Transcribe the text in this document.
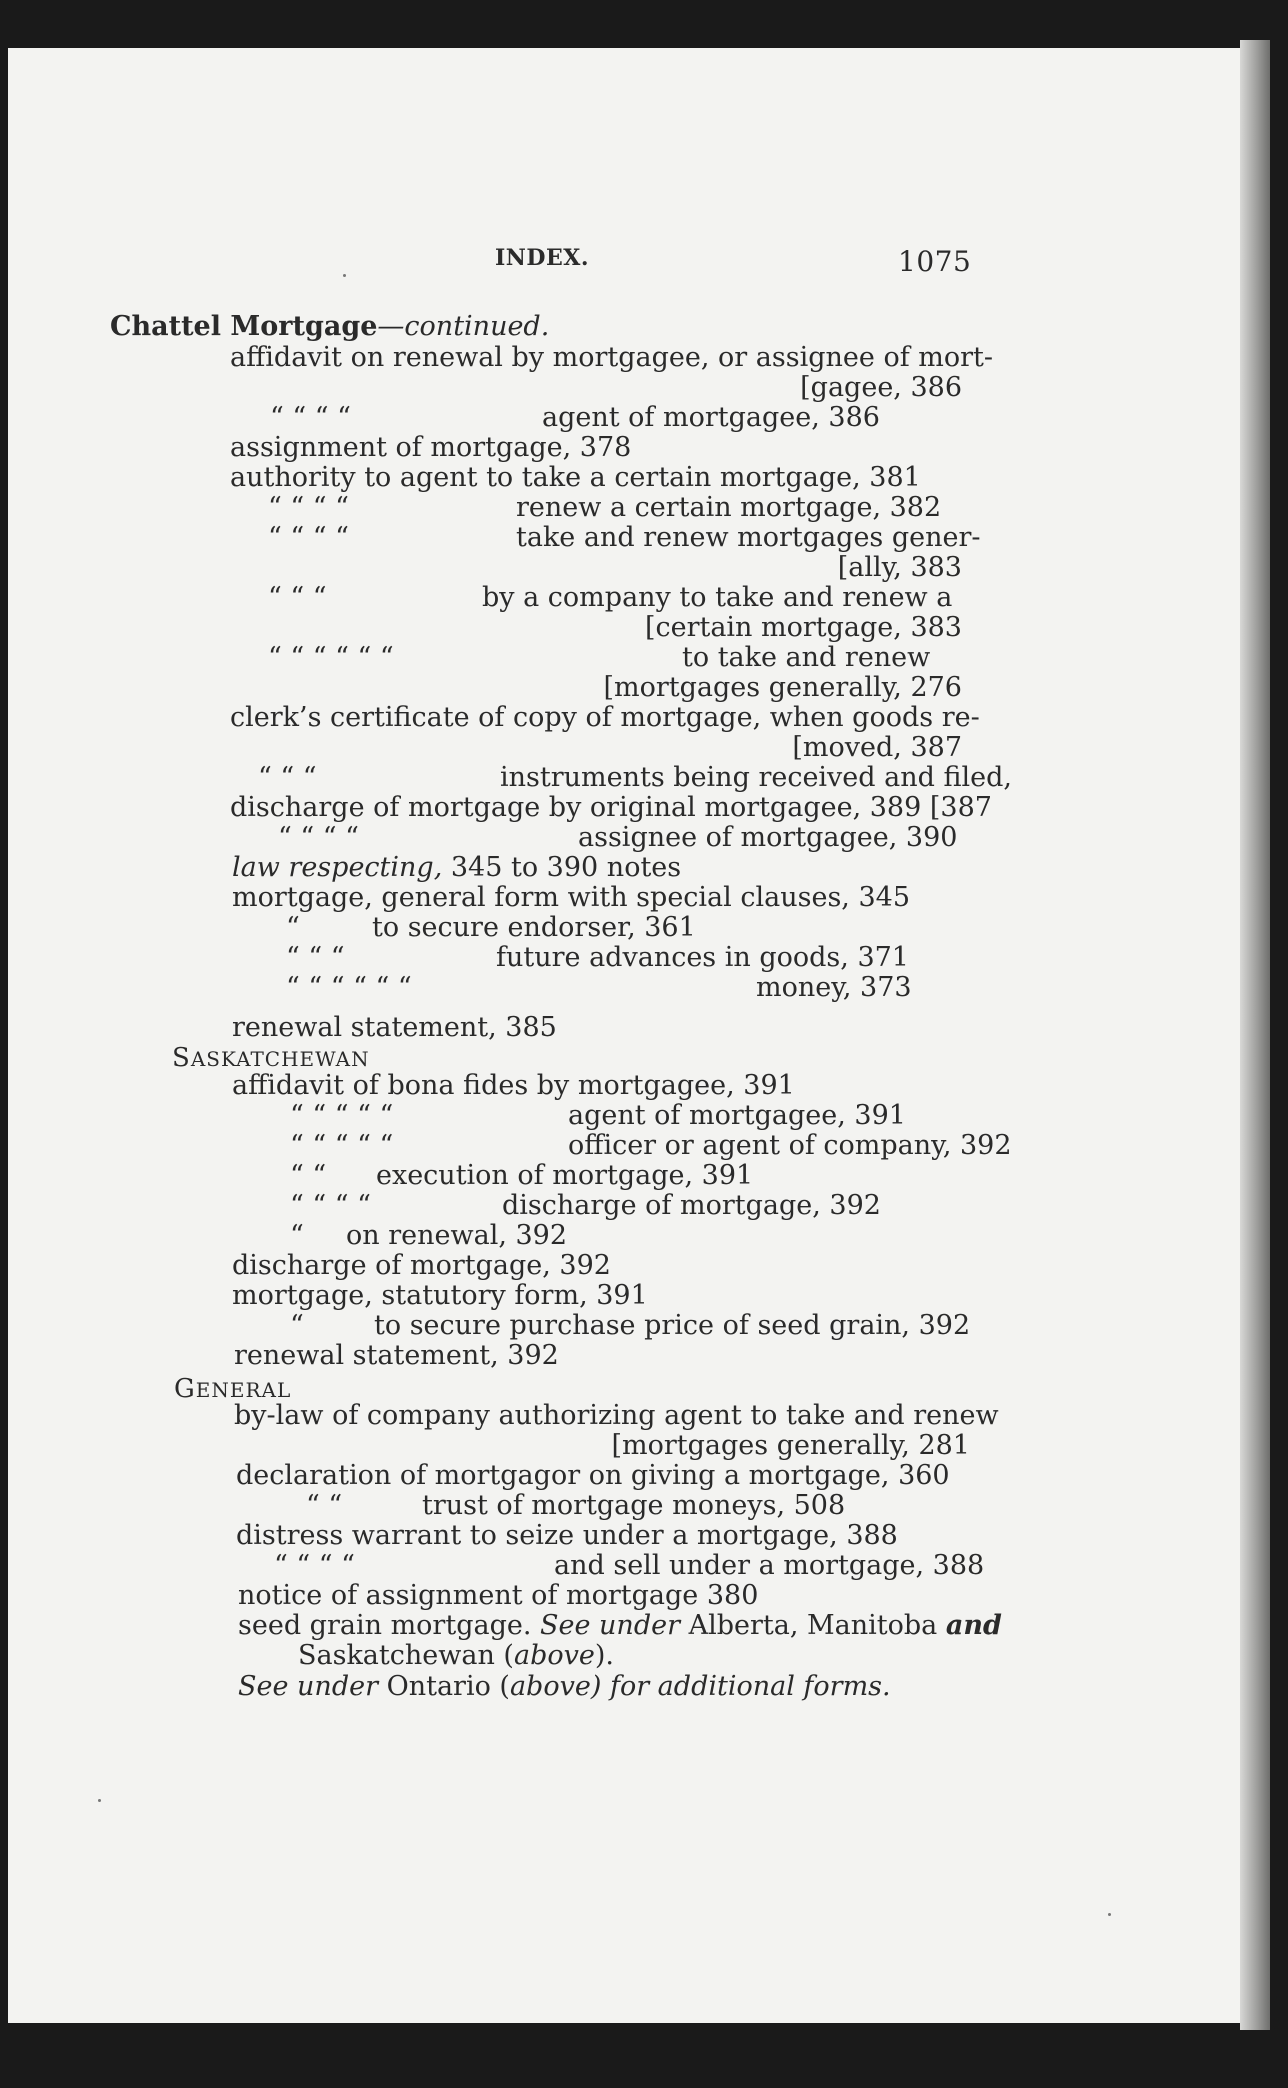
INDEX.	1075
Chattel Mortgage—continued.
affidavit on renewal by mortgagee, or assignee of mort-
[gagee, 386
“ “ “ “	agent of mortgagee, 386
assignment of mortgage, 378
authority to agent to take a certain mortgage, 381
“ “ “ “	renew a certain mortgage, 382
“ “ “ “	take and renew mortgages gener-
[ally, 383
“ “ “	by a company to take and renew a
[certain mortgage, 383
“ “ “ “ “ “	to take and renew
[mortgages generally, 276
clerk’s certificate of copy of mortgage, when goods re-
[moved, 387
“ “ “	instruments being received and filed,
discharge of mortgage by original mortgagee, 389 [387
“ “ “ “	assignee of mortgagee, 390
law respecting, 345 to 390 notes
mortgage, general form with special clauses, 345
“	to secure endorser, 361
“ “ “	future advances in goods, 371
“ “ “ “ “ “	money, 373
renewal statement, 385
SASKATCHEWAN
affidavit of bona fides by mortgagee, 391
“ “ “ “ “	agent of mortgagee, 391
“ “ “ “ “	officer or agent of company, 392
“ “ execution of mortgage, 391
“ “ “ “	discharge of mortgage, 392
“ on renewal, 392
discharge of mortgage, 392
mortgage, statutory form, 391
“	to secure purchase price of seed grain, 392
renewal statement, 392
GENERAL
by-law of company authorizing agent to take and renew
[mortgages generally, 281
declaration of mortgagor on giving a mortgage, 360
“ “	trust of mortgage moneys, 508
distress warrant to seize under a mortgage, 388
“ “ “ “	and sell under a mortgage, 388
notice of assignment of mortgage 380
seed grain mortgage. See under Alberta, Manitoba and
Saskatchewan (above).
See under Ontario (above) for additional forms.
